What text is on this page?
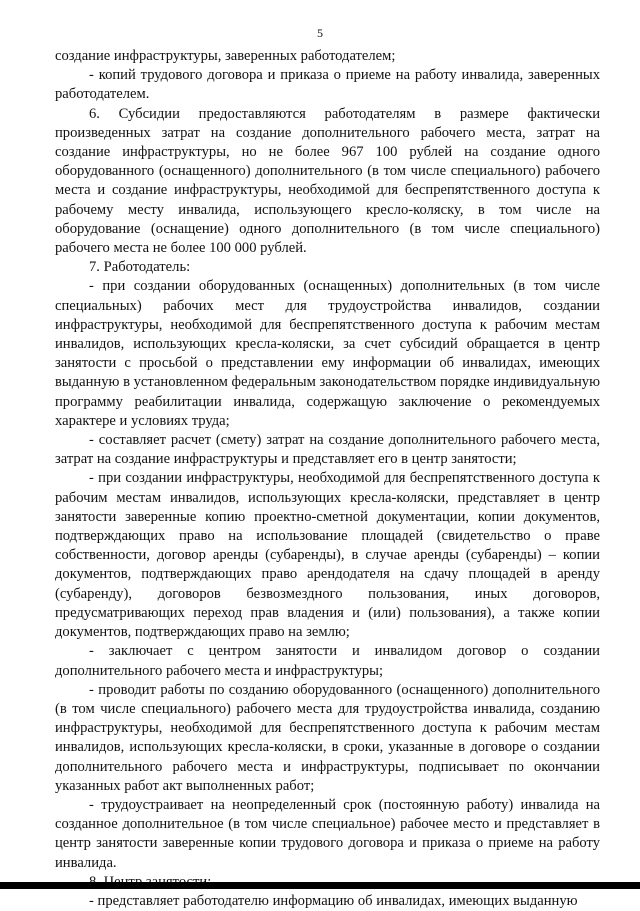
5

создание инфраструктуры, заверенных работодателем;

- копий трудового договора и приказа о приеме на работу инвалида, заверенных работодателем.

6. Субсидии предоставляются работодателям в размере фактически произведенных затрат на создание дополнительного рабочего места, затрат на создание инфраструктуры, но не более 967 100 рублей на создание одного оборудованного (оснащенного) дополнительного (в том числе специального) рабочего места и создание инфраструктуры, необходимой для беспрепятственного доступа к рабочему месту инвалида, использующего кресло-коляску, в том числе на оборудование (оснащение) одного дополнительного (в том числе специального) рабочего места не более 100 000 рублей.

7. Работодатель:

- при создании оборудованных (оснащенных) дополнительных (в том числе специальных) рабочих мест для трудоустройства инвалидов, создании инфраструктуры, необходимой для беспрепятственного доступа к рабочим местам инвалидов, использующих кресла-коляски, за счет субсидий обращается в центр занятости с просьбой о представлении ему информации об инвалидах, имеющих выданную в установленном федеральным законодательством порядке индивидуальную программу реабилитации инвалида, содержащую заключение о рекомендуемых характере и условиях труда;

- составляет расчет (смету) затрат на создание дополнительного рабочего места, затрат на создание инфраструктуры и представляет его в центр занятости;

- при создании инфраструктуры, необходимой для беспрепятственного доступа к рабочим местам инвалидов, использующих кресла-коляски, представляет в центр занятости заверенные копию проектно-сметной документации, копии документов, подтверждающих право на использование площадей (свидетельство о праве собственности, договор аренды (субаренды), в случае аренды (субаренды) – копии документов, подтверждающих право арендодателя на сдачу площадей в аренду (субаренду), договоров безвозмездного пользования, иных договоров, предусматривающих переход прав владения и (или) пользования), а также копии документов, подтверждающих право на землю;

- заключает с центром занятости и инвалидом договор о создании дополнительного рабочего места и инфраструктуры;

- проводит работы по созданию оборудованного (оснащенного) дополнительного (в том числе специального) рабочего места для трудоустройства инвалида, созданию инфраструктуры, необходимой для беспрепятственного доступа к рабочим местам инвалидов, использующих кресла-коляски, в сроки, указанные в договоре о создании дополнительного рабочего места и инфраструктуры, подписывает по окончании указанных работ акт выполненных работ;

- трудоустраивает на неопределенный срок (постоянную работу) инвалида на созданное дополнительное (в том числе специальное) рабочее место и представляет в центр занятости заверенные копии трудового договора и приказа о приеме на работу инвалида.

- представляет работодателю информацию об инвалидах, имеющих выданную
